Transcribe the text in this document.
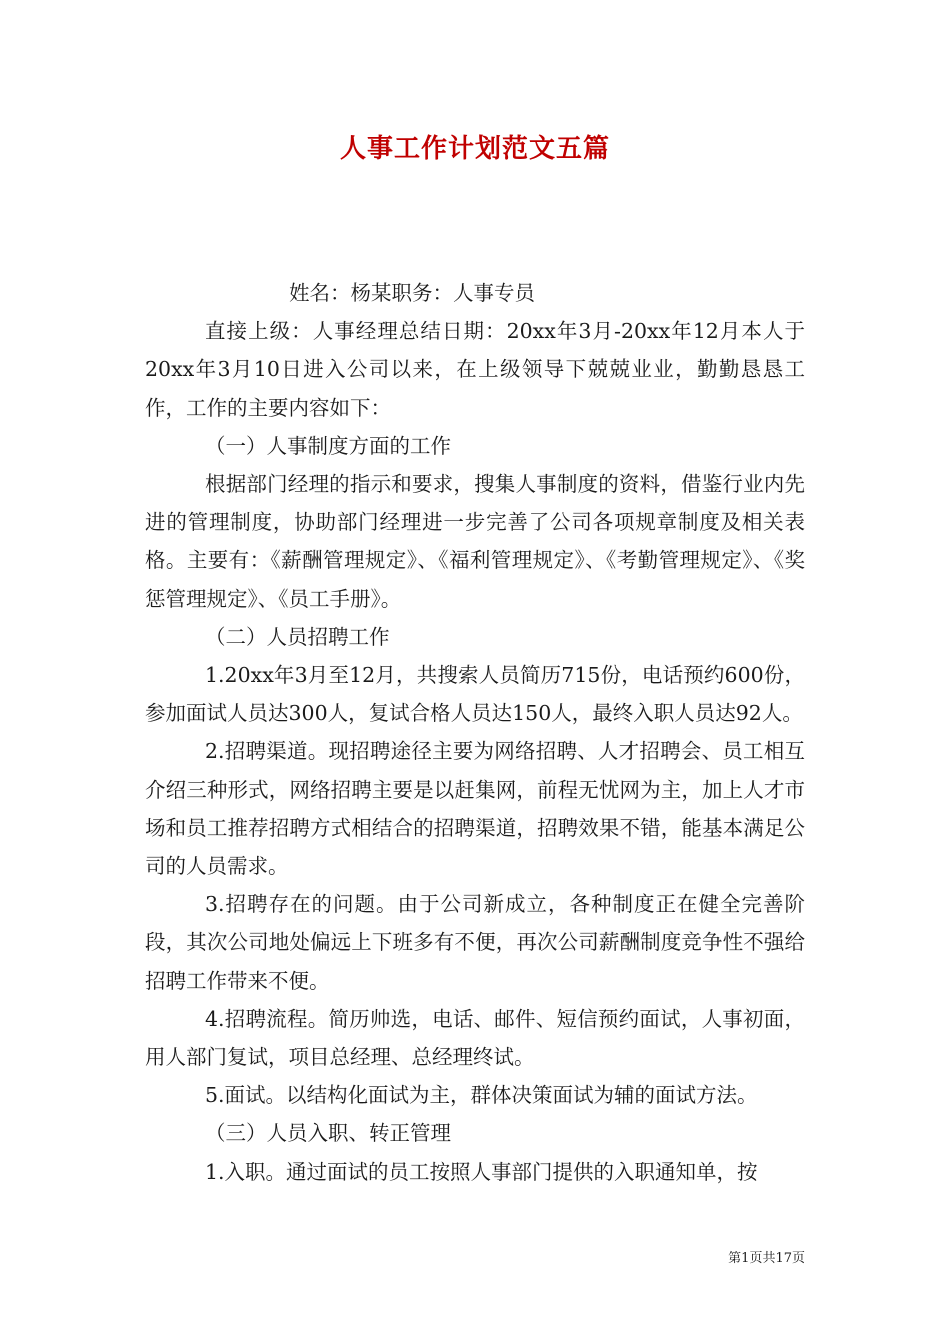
人事工作计划范文五篇

姓名：杨某职务：人事专员

直接上级：人事经理总结日期：20xx年3月-20xx年12月本人于20xx年3月10日进入公司以来，在上级领导下兢兢业业，勤勤恳恳工作，工作的主要内容如下：

（一）人事制度方面的工作

根据部门经理的指示和要求，搜集人事制度的资料，借鉴行业内先进的管理制度，协助部门经理进一步完善了公司各项规章制度及相关表格。主要有：《薪酬管理规定》、《福利管理规定》、《考勤管理规定》、《奖惩管理规定》、《员工手册》。

（二）人员招聘工作

1.20xx年3月至12月，共搜索人员简历715份，电话预约600份，参加面试人员达300人，复试合格人员达150人，最终入职人员达92人。

2.招聘渠道。现招聘途径主要为网络招聘、人才招聘会、员工相互介绍三种形式，网络招聘主要是以赶集网，前程无忧网为主，加上人才市场和员工推荐招聘方式相结合的招聘渠道，招聘效果不错，能基本满足公司的人员需求。

3.招聘存在的问题。由于公司新成立，各种制度正在健全完善阶段，其次公司地处偏远上下班多有不便，再次公司薪酬制度竞争性不强给招聘工作带来不便。

4.招聘流程。简历帅选，电话、邮件、短信预约面试，人事初面，用人部门复试，项目总经理、总经理终试。

5.面试。以结构化面试为主，群体决策面试为辅的面试方法。

（三）人员入职、转正管理

1.入职。通过面试的员工按照人事部门提供的入职通知单，按

第1页共17页
